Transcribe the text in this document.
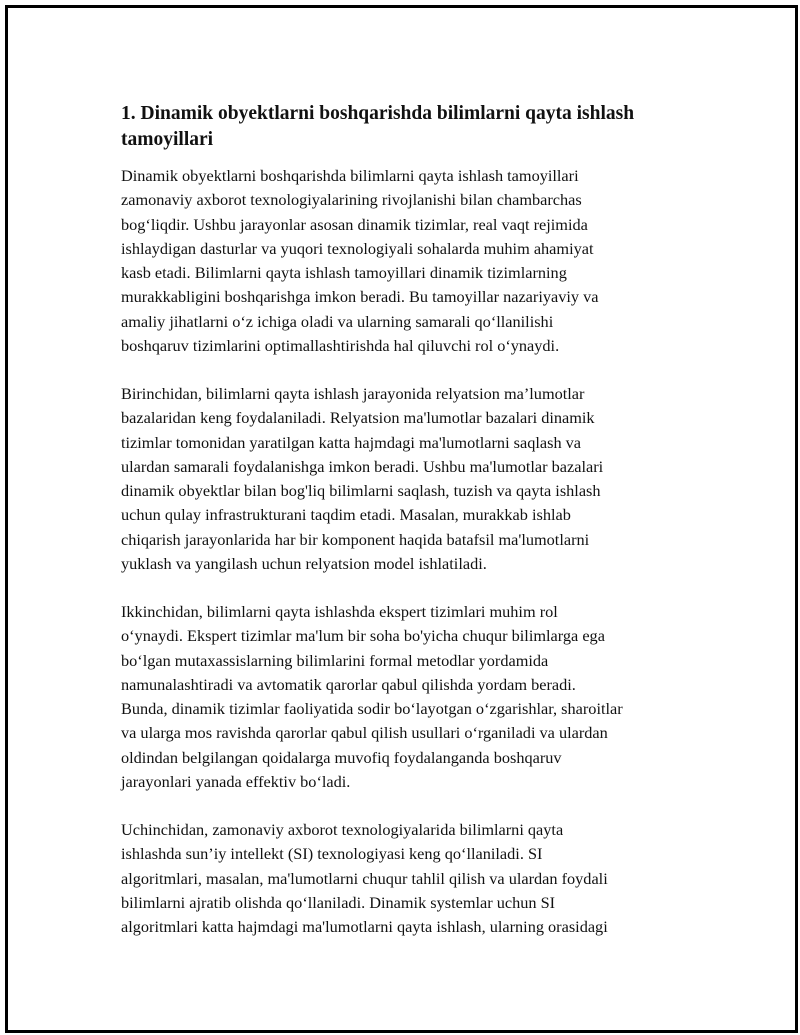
1. Dinamik obyektlarni boshqarishda bilimlarni qayta ishlash
tamoyillari

Dinamik obyektlarni boshqarishda bilimlarni qayta ishlash tamoyillari
zamonaviy axborot texnologiyalarining rivojlanishi bilan chambarchas
bog‘liqdir. Ushbu jarayonlar asosan dinamik tizimlar, real vaqt rejimida
ishlaydigan dasturlar va yuqori texnologiyali sohalarda muhim ahamiyat
kasb etadi. Bilimlarni qayta ishlash tamoyillari dinamik tizimlarning
murakkabligini boshqarishga imkon beradi. Bu tamoyillar nazariyaviy va
amaliy jihatlarni o‘z ichiga oladi va ularning samarali qo‘llanilishi
boshqaruv tizimlarini optimallashtirishda hal qiluvchi rol o‘ynaydi.

Birinchidan, bilimlarni qayta ishlash jarayonida relyatsion ma’lumotlar
bazalaridan keng foydalaniladi. Relyatsion ma'lumotlar bazalari dinamik
tizimlar tomonidan yaratilgan katta hajmdagi ma'lumotlarni saqlash va
ulardan samarali foydalanishga imkon beradi. Ushbu ma'lumotlar bazalari
dinamik obyektlar bilan bog'liq bilimlarni saqlash, tuzish va qayta ishlash
uchun qulay infrastrukturani taqdim etadi. Masalan, murakkab ishlab
chiqarish jarayonlarida har bir komponent haqida batafsil ma'lumotlarni
yuklash va yangilash uchun relyatsion model ishlatiladi.

Ikkinchidan, bilimlarni qayta ishlashda ekspert tizimlari muhim rol
o‘ynaydi. Ekspert tizimlar ma'lum bir soha bo'yicha chuqur bilimlarga ega
bo‘lgan mutaxassislarning bilimlarini formal metodlar yordamida
namunalashtiradi va avtomatik qarorlar qabul qilishda yordam beradi.
Bunda, dinamik tizimlar faoliyatida sodir bo‘layotgan o‘zgarishlar, sharoitlar
va ularga mos ravishda qarorlar qabul qilish usullari o‘rganiladi va ulardan
oldindan belgilangan qoidalarga muvofiq foydalanganda boshqaruv
jarayonlari yanada effektiv bo‘ladi.

Uchinchidan, zamonaviy axborot texnologiyalarida bilimlarni qayta
ishlashda sun’iy intellekt (SI) texnologiyasi keng qo‘llaniladi. SI
algoritmlari, masalan, ma'lumotlarni chuqur tahlil qilish va ulardan foydali
bilimlarni ajratib olishda qo‘llaniladi. Dinamik systemlar uchun SI
algoritmlari katta hajmdagi ma'lumotlarni qayta ishlash, ularning orasidagi
